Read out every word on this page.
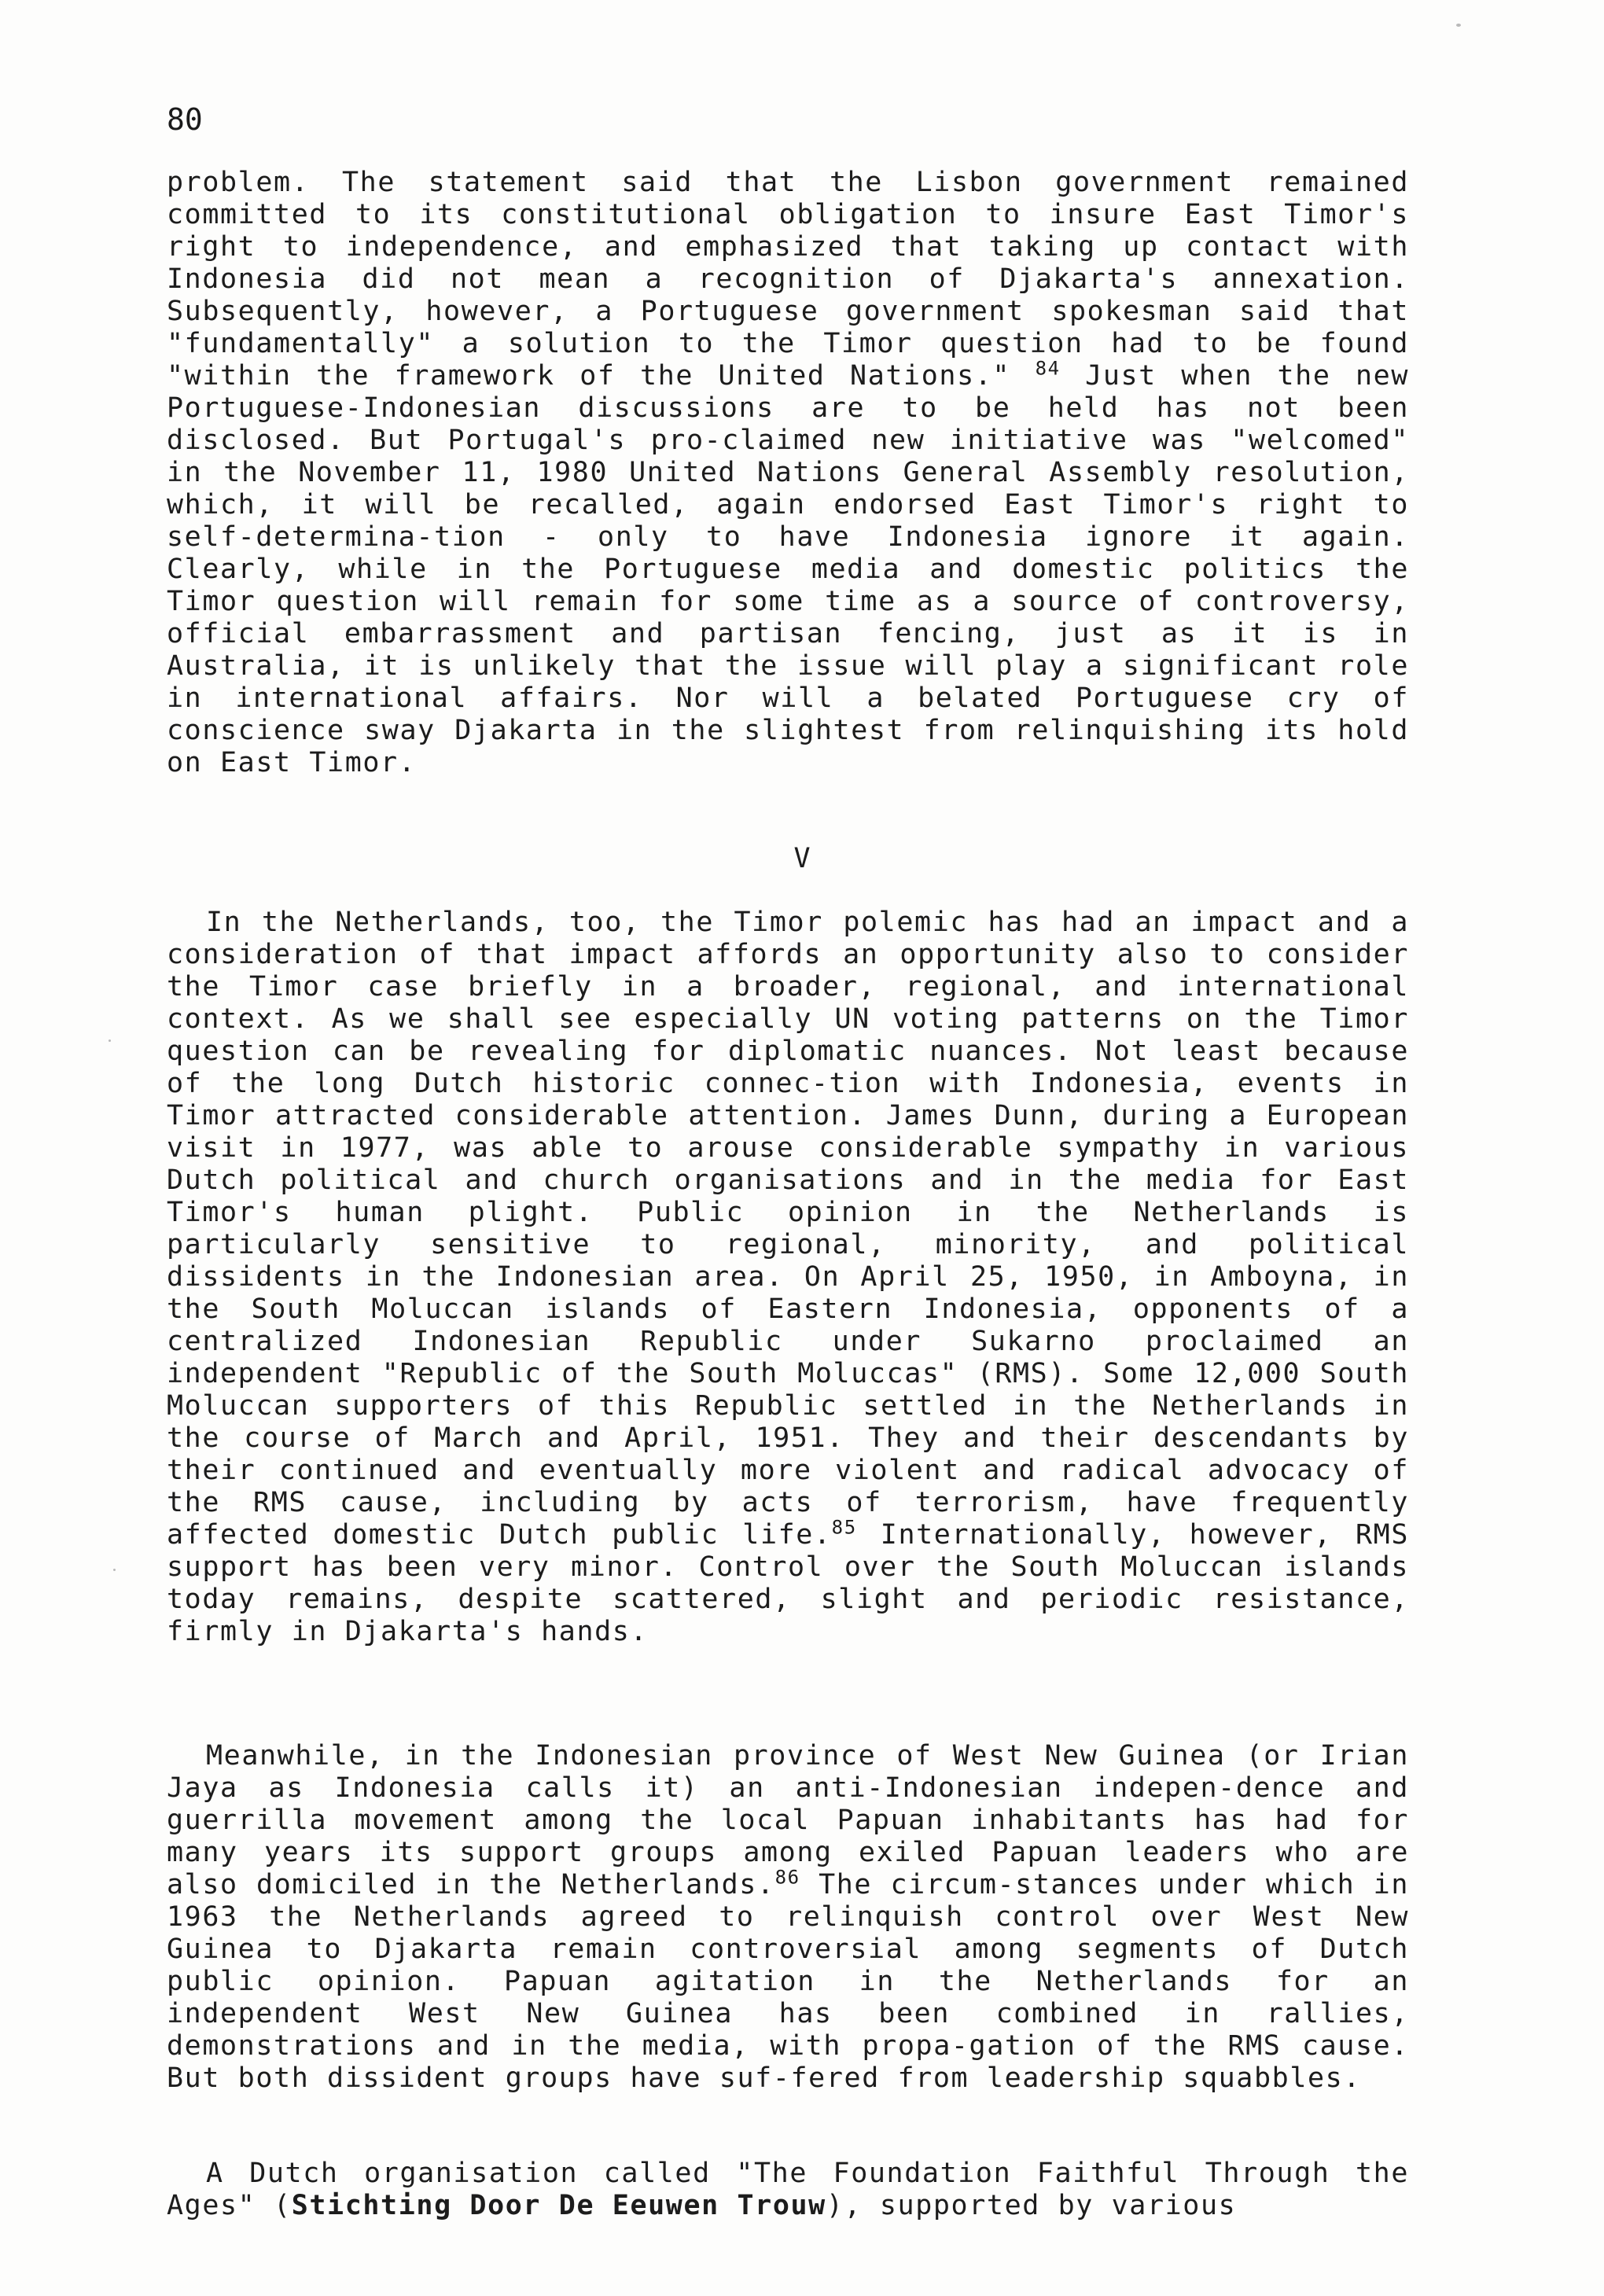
80
problem. The statement said that the Lisbon government remained committed to its constitutional obligation to insure East Timor's right to independence, and emphasized that taking up contact with Indonesia did not mean a recognition of Djakarta's annexation. Subsequently, however, a Portuguese government spokesman said that "fundamentally" a solution to the Timor question had to be found "within the framework of the United Nations." $^{84}$ Just when the new Portuguese-Indonesian discussions are to be held has not been disclosed. But Portugal's pro-claimed new initiative was "welcomed" in the November 11, 1980 United Nations General Assembly resolution, which, it will be recalled, again endorsed East Timor's right to self-determina-tion - only to have Indonesia ignore it again. Clearly, while in the Portuguese media and domestic politics the Timor question will remain for some time as a source of controversy, official embarrassment and partisan fencing, just as it is in Australia, it is unlikely that the issue will play a significant role in international affairs. Nor will a belated Portuguese cry of conscience sway Djakarta in the slightest from relinquishing its hold on East Timor.
V
In the Netherlands, too, the Timor polemic has had an impact and a consideration of that impact affords an opportunity also to consider the Timor case briefly in a broader, regional, and international context. As we shall see especially UN voting patterns on the Timor question can be revealing for diplomatic nuances. Not least because of the long Dutch historic connec-tion with Indonesia, events in Timor attracted considerable attention. James Dunn, during a European visit in 1977, was able to arouse considerable sympathy in various Dutch political and church organisations and in the media for East Timor's human plight. Public opinion in the Netherlands is particularly sensitive to regional, minority, and political dissidents in the Indonesian area. On April 25, 1950, in Amboyna, in the South Moluccan islands of Eastern Indonesia, opponents of a centralized Indonesian Republic under Sukarno proclaimed an independent "Republic of the South Moluccas" (RMS). Some 12,000 South Moluccan supporters of this Republic settled in the Netherlands in the course of March and April, 1951. They and their descendants by their continued and eventually more violent and radical advocacy of the RMS cause, including by acts of terrorism, have frequently affected domestic Dutch public life.$^{85}$ Internationally, however, RMS support has been very minor. Control over the South Moluccan islands today remains, despite scattered, slight and periodic resistance, firmly in Djakarta's hands.
Meanwhile, in the Indonesian province of West New Guinea (or Irian Jaya as Indonesia calls it) an anti-Indonesian indepen-dence and guerrilla movement among the local Papuan inhabitants has had for many years its support groups among exiled Papuan leaders who are also domiciled in the Netherlands.$^{86}$ The circum-stances under which in 1963 the Netherlands agreed to relinquish control over West New Guinea to Djakarta remain controversial among segments of Dutch public opinion. Papuan agitation in the Netherlands for an independent West New Guinea has been combined in rallies, demonstrations and in the media, with propa-gation of the RMS cause. But both dissident groups have suf-fered from leadership squabbles.
A Dutch organisation called "The Foundation Faithful Through the Ages" (Stichting Door De Eeuwen Trouw), supported by various
